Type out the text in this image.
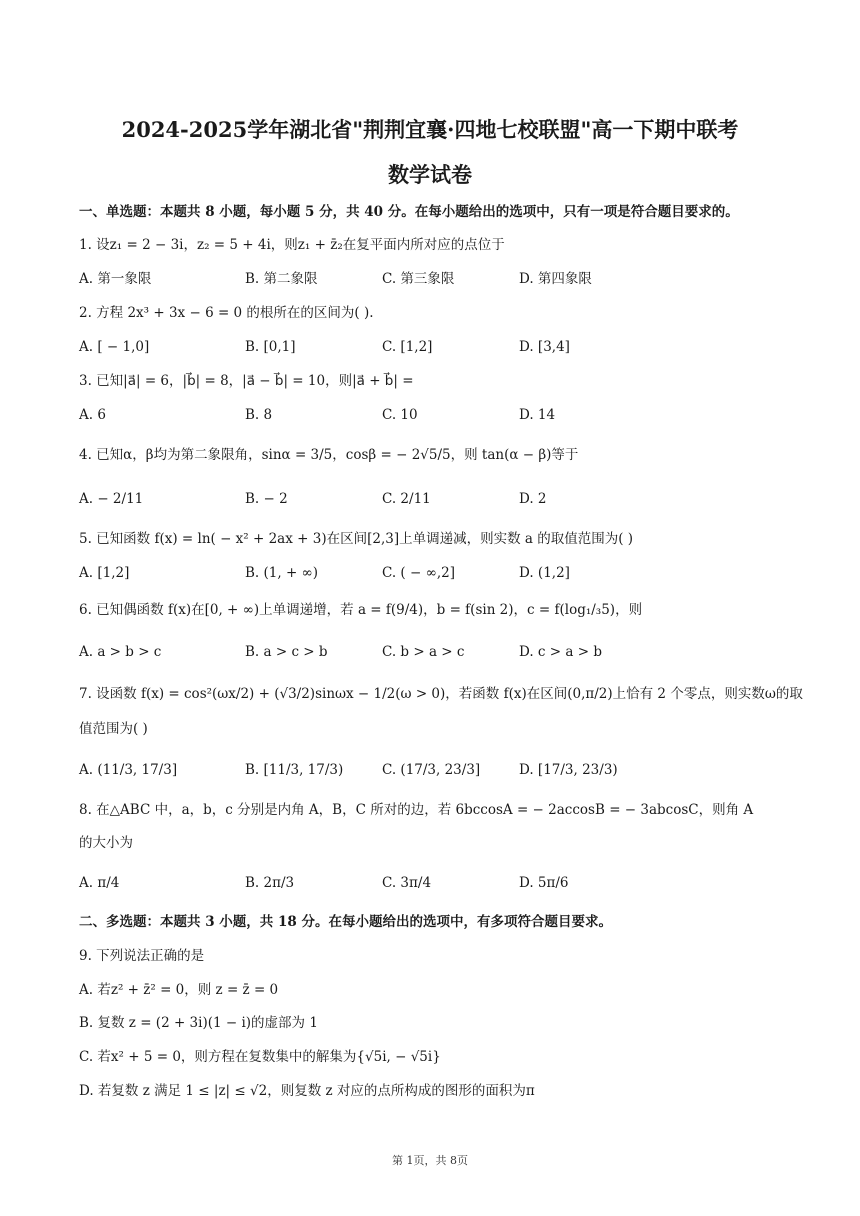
2024-2025学年湖北省"荆荆宜襄·四地七校联盟"高一下期中联考
数学试卷
一、单选题：本题共 8 小题，每小题 5 分，共 40 分。在每小题给出的选项中，只有一项是符合题目要求的。
1. 设z₁ = 2 − 3i，z₂ = 5 + 4i，则z₁ + z̄₂在复平面内所对应的点位于
A. 第一象限	B. 第二象限	C. 第三象限	D. 第四象限
2. 方程 2x³ + 3x − 6 = 0 的根所在的区间为( ).
A. [ − 1,0]	B. [0,1]	C. [1,2]	D. [3,4]
3. 已知|a⃗| = 6，|b⃗| = 8，|a⃗ − b⃗| = 10，则|a⃗ + b⃗| =
A. 6	B. 8	C. 10	D. 14
4. 已知α，β均为第二象限角，sinα = 3/5，cosβ = − 2√5/5，则 tan(α − β)等于
A. − 2/11	B. − 2	C. 2/11	D. 2
5. 已知函数 f(x) = ln( − x² + 2ax + 3)在区间[2,3]上单调递减，则实数 a 的取值范围为( )
A. [1,2]	B. (1, + ∞)	C. ( − ∞,2]	D. (1,2]
6. 已知偶函数 f(x)在[0, + ∞)上单调递增，若 a = f(9/4)，b = f(sin 2)，c = f(log₁/₃5)，则
A. a > b > c	B. a > c > b	C. b > a > c	D. c > a > b
7. 设函数 f(x) = cos²(ωx/2) + (√3/2)sinωx − 1/2(ω > 0)，若函数 f(x)在区间(0,π/2)上恰有 2 个零点，则实数ω的取
值范围为( )
A. (11/3, 17/3]	B. [11/3, 17/3)	C. (17/3, 23/3]	D. [17/3, 23/3)
8. 在△ABC 中，a，b，c 分别是内角 A，B，C 所对的边，若 6bccosA = − 2accosB = − 3abcosC，则角 A
的大小为
A. π/4	B. 2π/3	C. 3π/4	D. 5π/6
二、多选题：本题共 3 小题，共 18 分。在每小题给出的选项中，有多项符合题目要求。
9. 下列说法正确的是
A. 若z² + z̄² = 0，则 z = z̄ = 0
B. 复数 z = (2 + 3i)(1 − i)的虚部为 1
C. 若x² + 5 = 0，则方程在复数集中的解集为{√5i, − √5i}
D. 若复数 z 满足 1 ≤ |z| ≤ √2，则复数 z 对应的点所构成的图形的面积为π
第 1页，共 8页
